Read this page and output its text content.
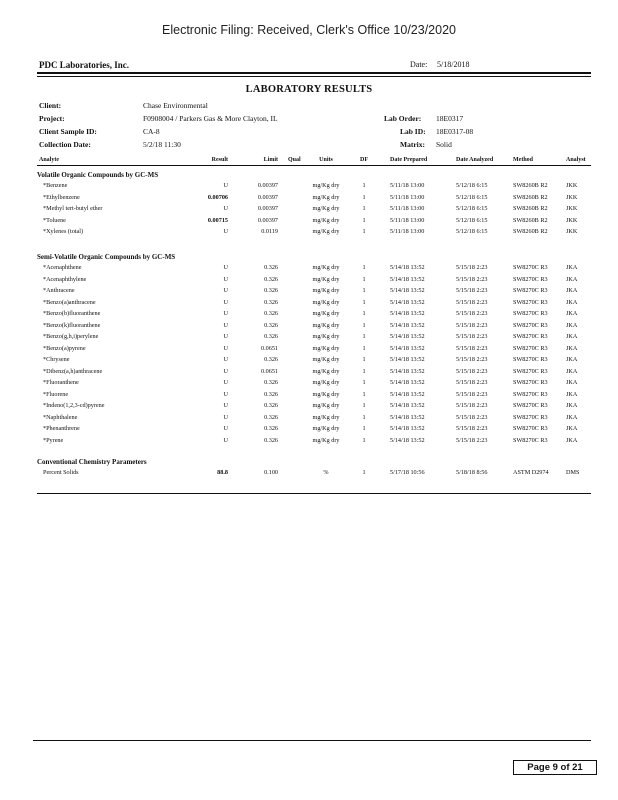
Electronic Filing: Received, Clerk's Office 10/23/2020
PDC Laboratories, Inc.	Date: 5/18/2018
LABORATORY RESULTS
Client:	Chase Environmental
Project:	F0908004 / Parkers Gas & More Clayton, IL
Client Sample ID:	CA-8
Collection Date:	5/2/18 11:30
Lab Order: 18E0317
Lab ID: 18E0317-08
Matrix: Solid
Analyte	Result	Limit Qual	Units	DF	Date Prepared	Date Analyzed	Method	Analyst
Volatile Organic Compounds by GC-MS
*Benzene	U	0.00397	mg/Kg dry	1	5/11/18 13:00	5/12/18 6:15	SW8260B R2	JKK
*Ethylbenzene	0.00706	0.00397	mg/Kg dry	1	5/11/18 13:00	5/12/18 6:15	SW8260B R2	JKK
*Methyl tert-butyl ether	U	0.00397	mg/Kg dry	1	5/11/18 13:00	5/12/18 6:15	SW8260B R2	JKK
*Toluene	0.00715	0.00397	mg/Kg dry	1	5/11/18 13:00	5/12/18 6:15	SW8260B R2	JKK
*Xylenes (total)	U	0.0119	mg/Kg dry	1	5/11/18 13:00	5/12/18 6:15	SW8260B R2	JKK
Semi-Volatile Organic Compounds by GC-MS
*Acenaphthene	U	0.326	mg/Kg dry	1	5/14/18 13:52	5/15/18 2:23	SW8270C R3	JKA
*Acenaphthylene	U	0.326	mg/Kg dry	1	5/14/18 13:52	5/15/18 2:23	SW8270C R3	JKA
*Anthracene	U	0.326	mg/Kg dry	1	5/14/18 13:52	5/15/18 2:23	SW8270C R3	JKA
*Benzo(a)anthracene	U	0.326	mg/Kg dry	1	5/14/18 13:52	5/15/18 2:23	SW8270C R3	JKA
*Benzo(b)fluoranthene	U	0.326	mg/Kg dry	1	5/14/18 13:52	5/15/18 2:23	SW8270C R3	JKA
*Benzo(k)fluoranthene	U	0.326	mg/Kg dry	1	5/14/18 13:52	5/15/18 2:23	SW8270C R3	JKA
*Benzo(g,h,i)perylene	U	0.326	mg/Kg dry	1	5/14/18 13:52	5/15/18 2:23	SW8270C R3	JKA
*Benzo(a)pyrene	U	0.0651	mg/Kg dry	1	5/14/18 13:52	5/15/18 2:23	SW8270C R3	JKA
*Chrysene	U	0.326	mg/Kg dry	1	5/14/18 13:52	5/15/18 2:23	SW8270C R3	JKA
*Dibenz(a,h)anthracene	U	0.0651	mg/Kg dry	1	5/14/18 13:52	5/15/18 2:23	SW8270C R3	JKA
*Fluoranthene	U	0.326	mg/Kg dry	1	5/14/18 13:52	5/15/18 2:23	SW8270C R3	JKA
*Fluorene	U	0.326	mg/Kg dry	1	5/14/18 13:52	5/15/18 2:23	SW8270C R3	JKA
*Indeno(1,2,3-cd)pyrene	U	0.326	mg/Kg dry	1	5/14/18 13:52	5/15/18 2:23	SW8270C R3	JKA
*Naphthalene	U	0.326	mg/Kg dry	1	5/14/18 13:52	5/15/18 2:23	SW8270C R3	JKA
*Phenanthrene	U	0.326	mg/Kg dry	1	5/14/18 13:52	5/15/18 2:23	SW8270C R3	JKA
*Pyrene	U	0.326	mg/Kg dry	1	5/14/18 13:52	5/15/18 2:23	SW8270C R3	JKA
Conventional Chemistry Parameters
Percent Solids	88.8	0.100	%	1	5/17/18 10:56	5/18/18 8:56	ASTM D2974	DMS
Page 9 of 21
